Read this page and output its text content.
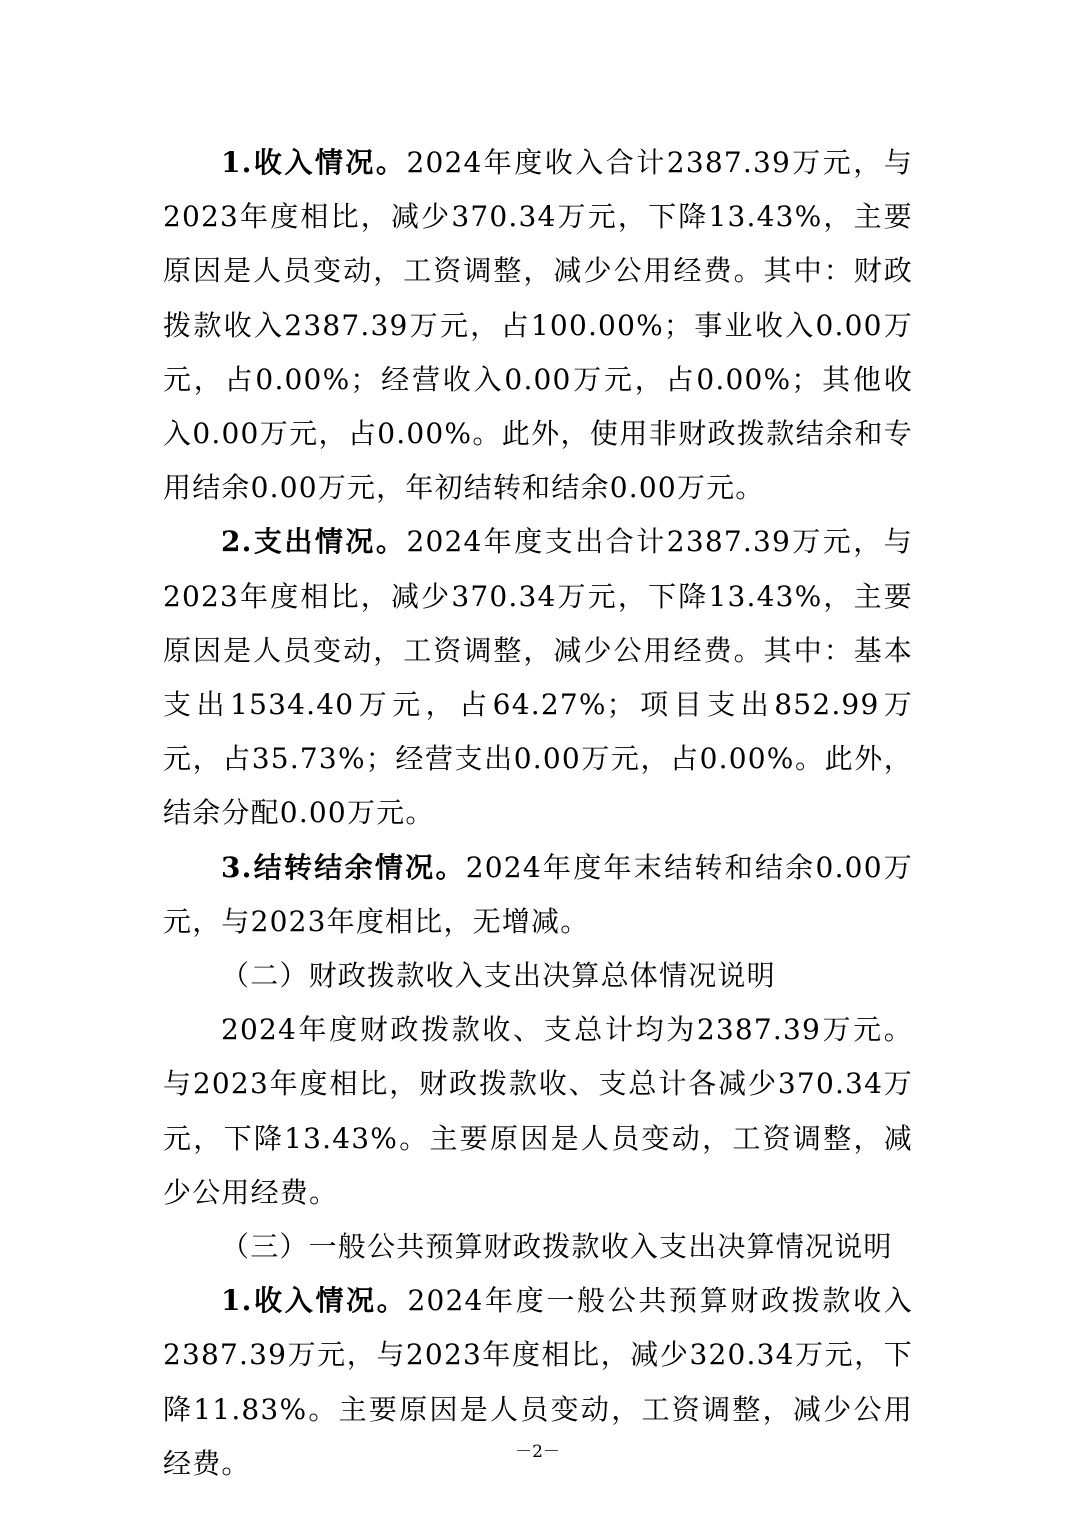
1.收入情况。2024年度收入合计2387.39万元，与2023年度相比，减少370.34万元，下降13.43%，主要原因是人员变动，工资调整，减少公用经费。其中：财政拨款收入2387.39万元，占100.00%；事业收入0.00万元，占0.00%；经营收入0.00万元，占0.00%；其他收入0.00万元，占0.00%。此外，使用非财政拨款结余和专用结余0.00万元，年初结转和结余0.00万元。

2.支出情况。2024年度支出合计2387.39万元，与2023年度相比，减少370.34万元，下降13.43%，主要原因是人员变动，工资调整，减少公用经费。其中：基本支出1534.40万元，占64.27%；项目支出852.99万元，占35.73%；经营支出0.00万元，占0.00%。此外，结余分配0.00万元。

3.结转结余情况。2024年度年末结转和结余0.00万元，与2023年度相比，无增减。

（二）财政拨款收入支出决算总体情况说明

2024年度财政拨款收、支总计均为2387.39万元。与2023年度相比，财政拨款收、支总计各减少370.34万元，下降13.43%。主要原因是人员变动，工资调整，减少公用经费。

（三）一般公共预算财政拨款收入支出决算情况说明

1.收入情况。2024年度一般公共预算财政拨款收入2387.39万元，与2023年度相比，减少320.34万元，下降11.83%。主要原因是人员变动，工资调整，减少公用经费。	－2－
